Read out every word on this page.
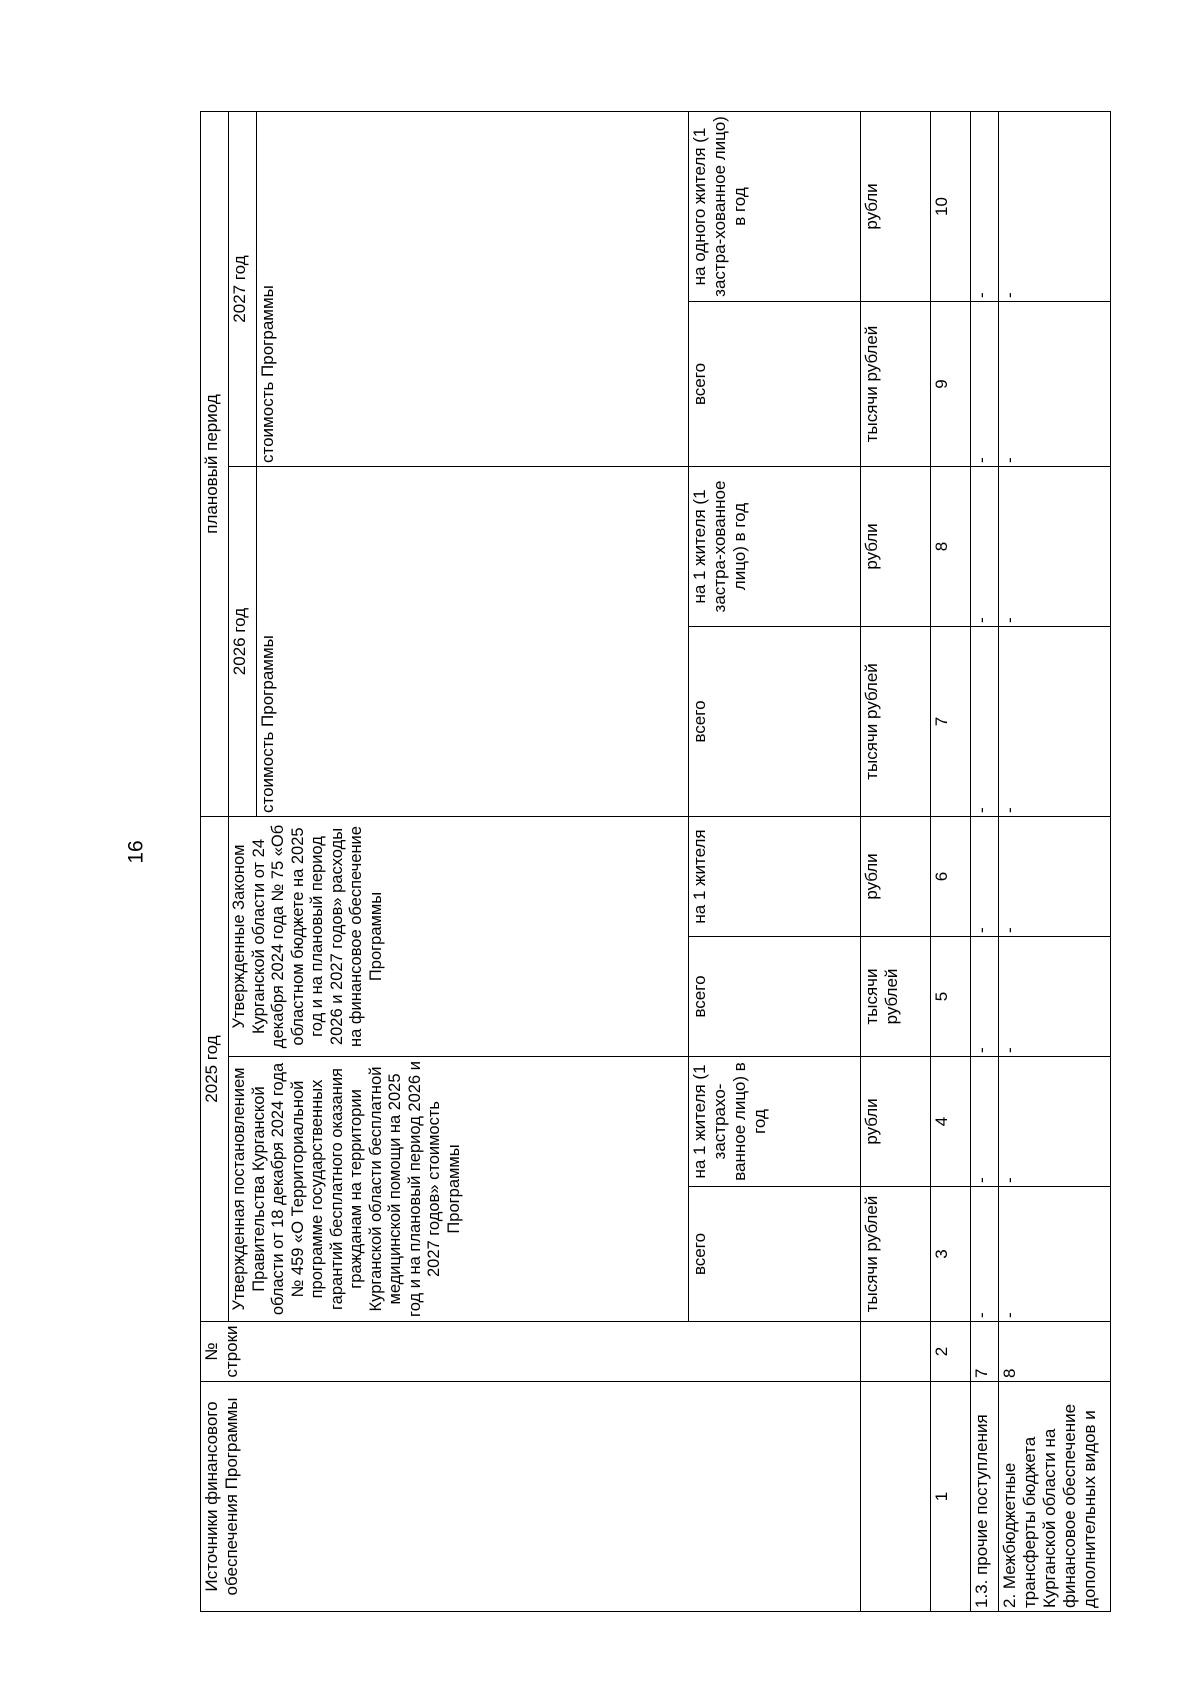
16
Источники финансового обеспечения Программы	№ строки	2025 год				плановый период			
		Утвержденная постановлением Правительства Курганской области от 18 декабря 2024 года № 459 «О Территориальной программе государственных гарантий бесплатного оказания гражданам на территории Курганской области бесплатной медицинской помощи на 2025 год и на плановый период 2026 и 2027 годов» стоимость Программы		Утвержденные Законом Курганской области от 24 декабря 2024 года № 75 «Об областном бюджете на 2025 год и на плановый период 2026 и 2027 годов» расходы на финансовое обеспечение Программы		2026 год		2027 год	
						стоимость Программы		стоимость Программы	
		всего	на 1 жителя (1 застрахо-ванное лицо) в год	всего	на 1 жителя	всего	на 1 жителя (1 застра-хованное лицо) в год	всего	на одного жителя (1 застра-хованное лицо) в год
		тысячи рублей	рубли	тысячи рублей	рубли	тысячи рублей	рубли	тысячи рублей	рубли
1	2	3	4	5	6	7	8	9	10
1.3. прочие поступления	7	-	-	-	-	-	-	-	-
2. Межбюджетные трансферты бюджета Курганской области на финансовое обеспечение дополнительных видов и	8	-	-	-	-	-	-	-	-
